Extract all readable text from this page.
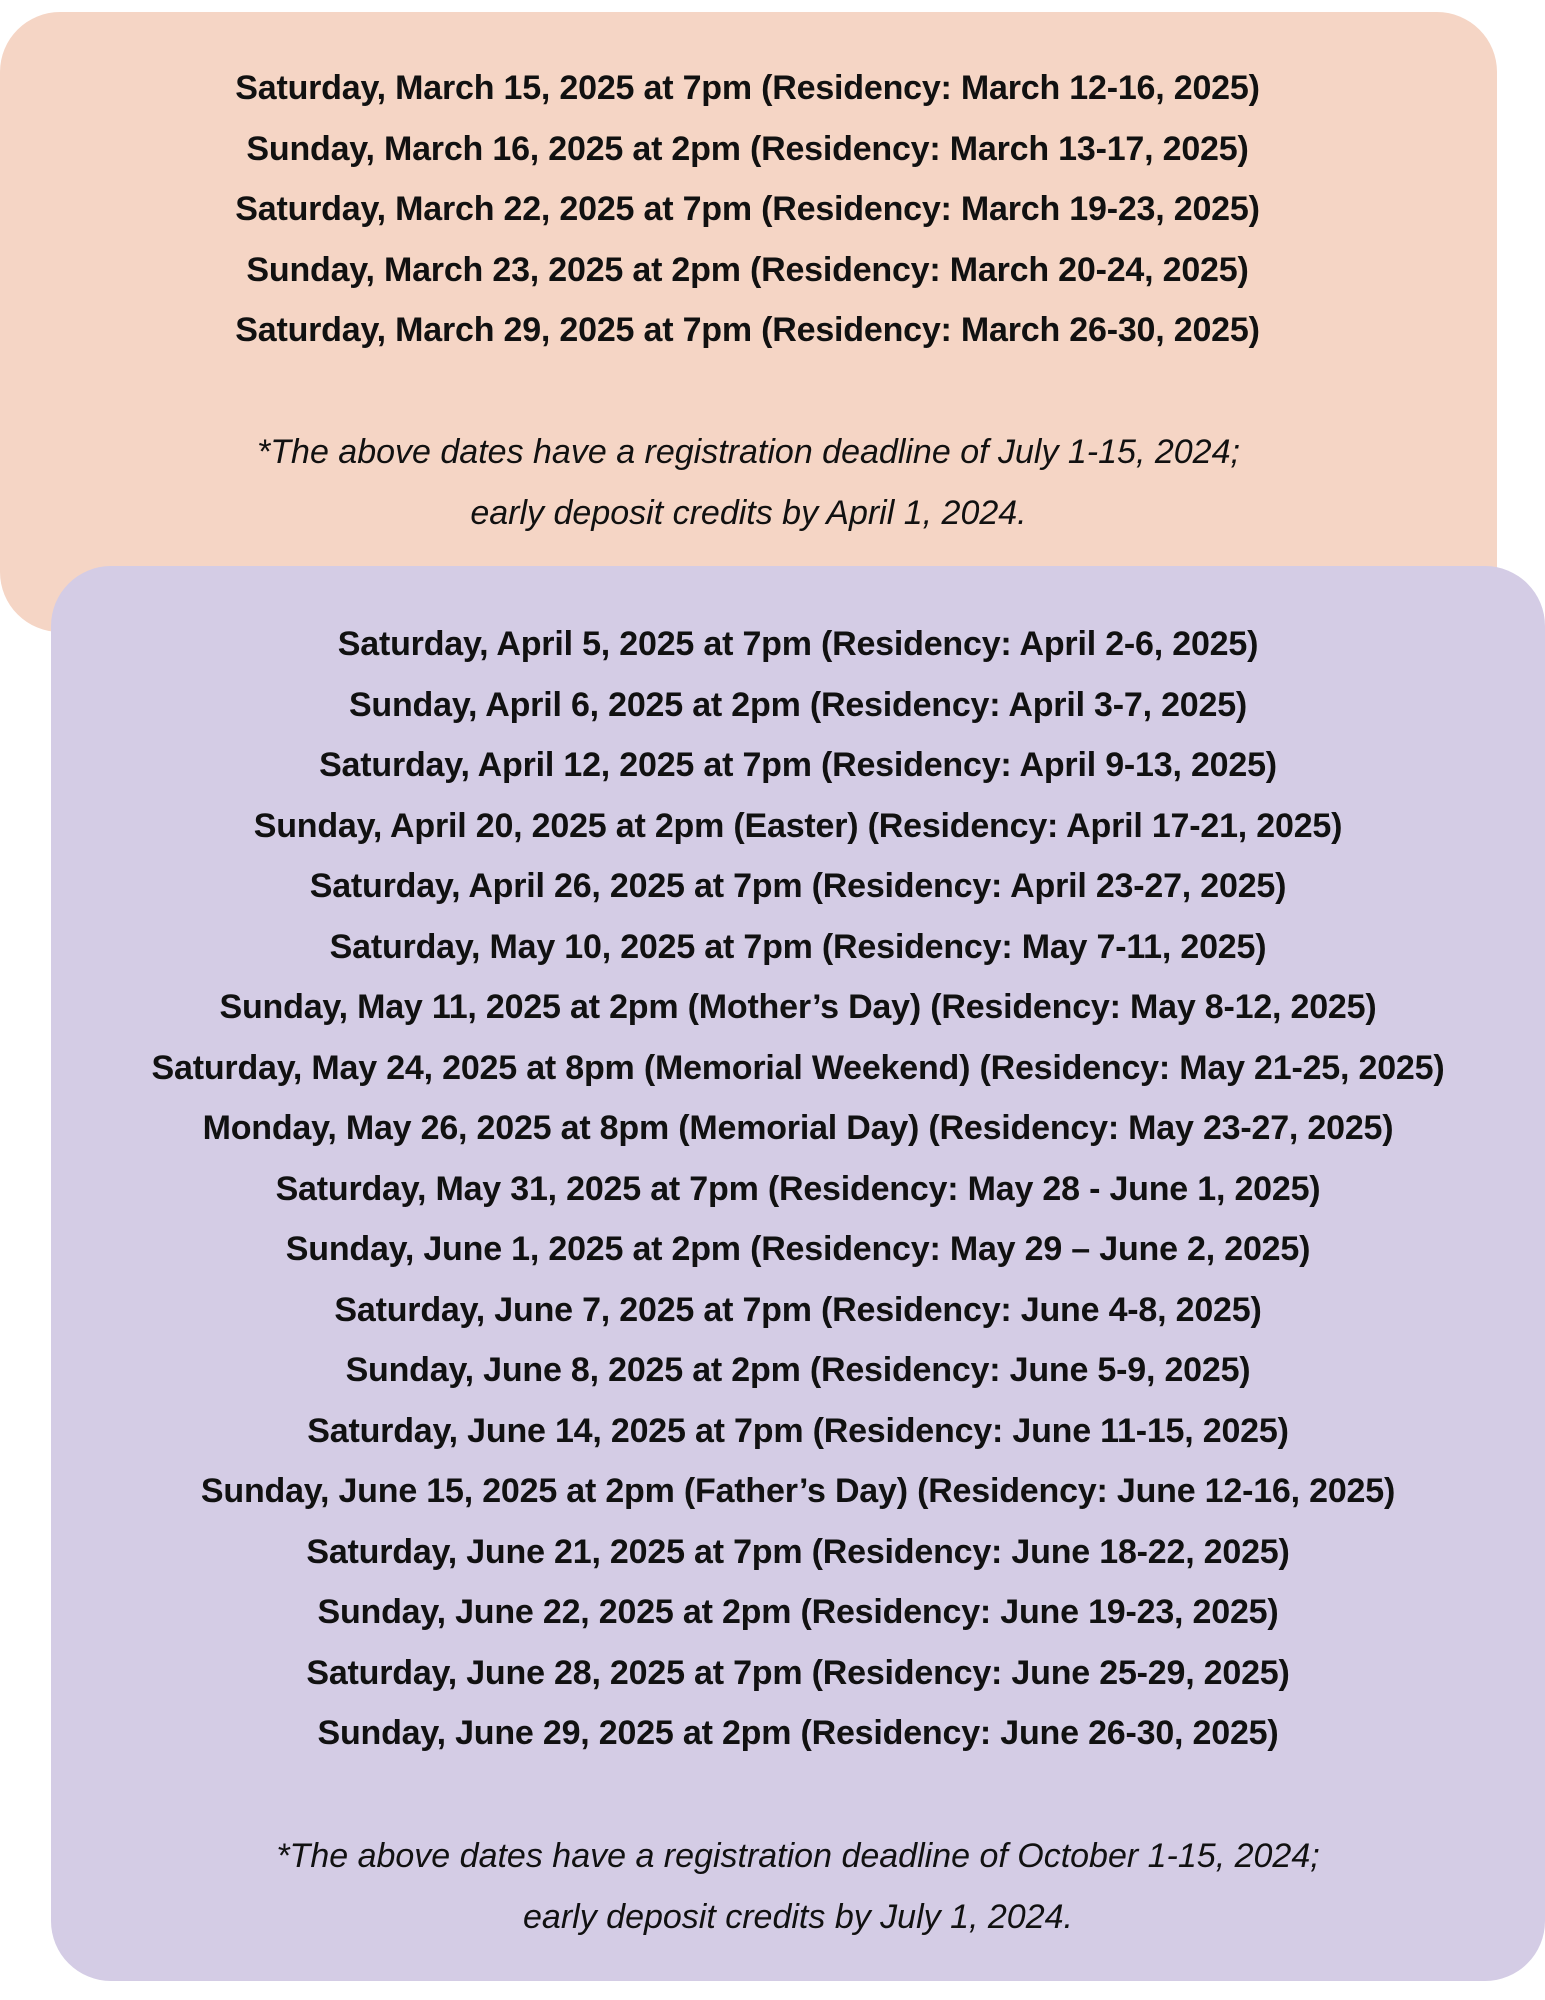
Saturday, March 15, 2025 at 7pm (Residency: March 12-16, 2025)
Sunday, March 16, 2025 at 2pm (Residency: March 13-17, 2025)
Saturday, March 22, 2025 at 7pm (Residency: March 19-23, 2025)
Sunday, March 23, 2025 at 2pm (Residency: March 20-24, 2025)
Saturday, March 29, 2025 at 7pm (Residency: March 26-30, 2025)
*The above dates have a registration deadline of July 1-15, 2024;
early deposit credits by April 1, 2024.
Saturday, April 5, 2025 at 7pm (Residency: April 2-6, 2025)
Sunday, April 6, 2025 at 2pm (Residency: April 3-7, 2025)
Saturday, April 12, 2025 at 7pm (Residency: April 9-13, 2025)
Sunday, April 20, 2025 at 2pm (Easter) (Residency: April 17-21, 2025)
Saturday, April 26, 2025 at 7pm (Residency: April 23-27, 2025)
Saturday, May 10, 2025 at 7pm (Residency: May 7-11, 2025)
Sunday, May 11, 2025 at 2pm (Mother’s Day) (Residency: May 8-12, 2025)
Saturday, May 24, 2025 at 8pm (Memorial Weekend) (Residency: May 21-25, 2025)
Monday, May 26, 2025 at 8pm (Memorial Day) (Residency: May 23-27, 2025)
Saturday, May 31, 2025 at 7pm (Residency: May 28 - June 1, 2025)
Sunday, June 1, 2025 at 2pm (Residency: May 29 – June 2, 2025)
Saturday, June 7, 2025 at 7pm (Residency: June 4-8, 2025)
Sunday, June 8, 2025 at 2pm (Residency: June 5-9, 2025)
Saturday, June 14, 2025 at 7pm (Residency: June 11-15, 2025)
Sunday, June 15, 2025 at 2pm (Father’s Day) (Residency: June 12-16, 2025)
Saturday, June 21, 2025 at 7pm (Residency: June 18-22, 2025)
Sunday, June 22, 2025 at 2pm (Residency: June 19-23, 2025)
Saturday, June 28, 2025 at 7pm (Residency: June 25-29, 2025)
Sunday, June 29, 2025 at 2pm (Residency: June 26-30, 2025)
*The above dates have a registration deadline of October 1-15, 2024;
early deposit credits by July 1, 2024.
